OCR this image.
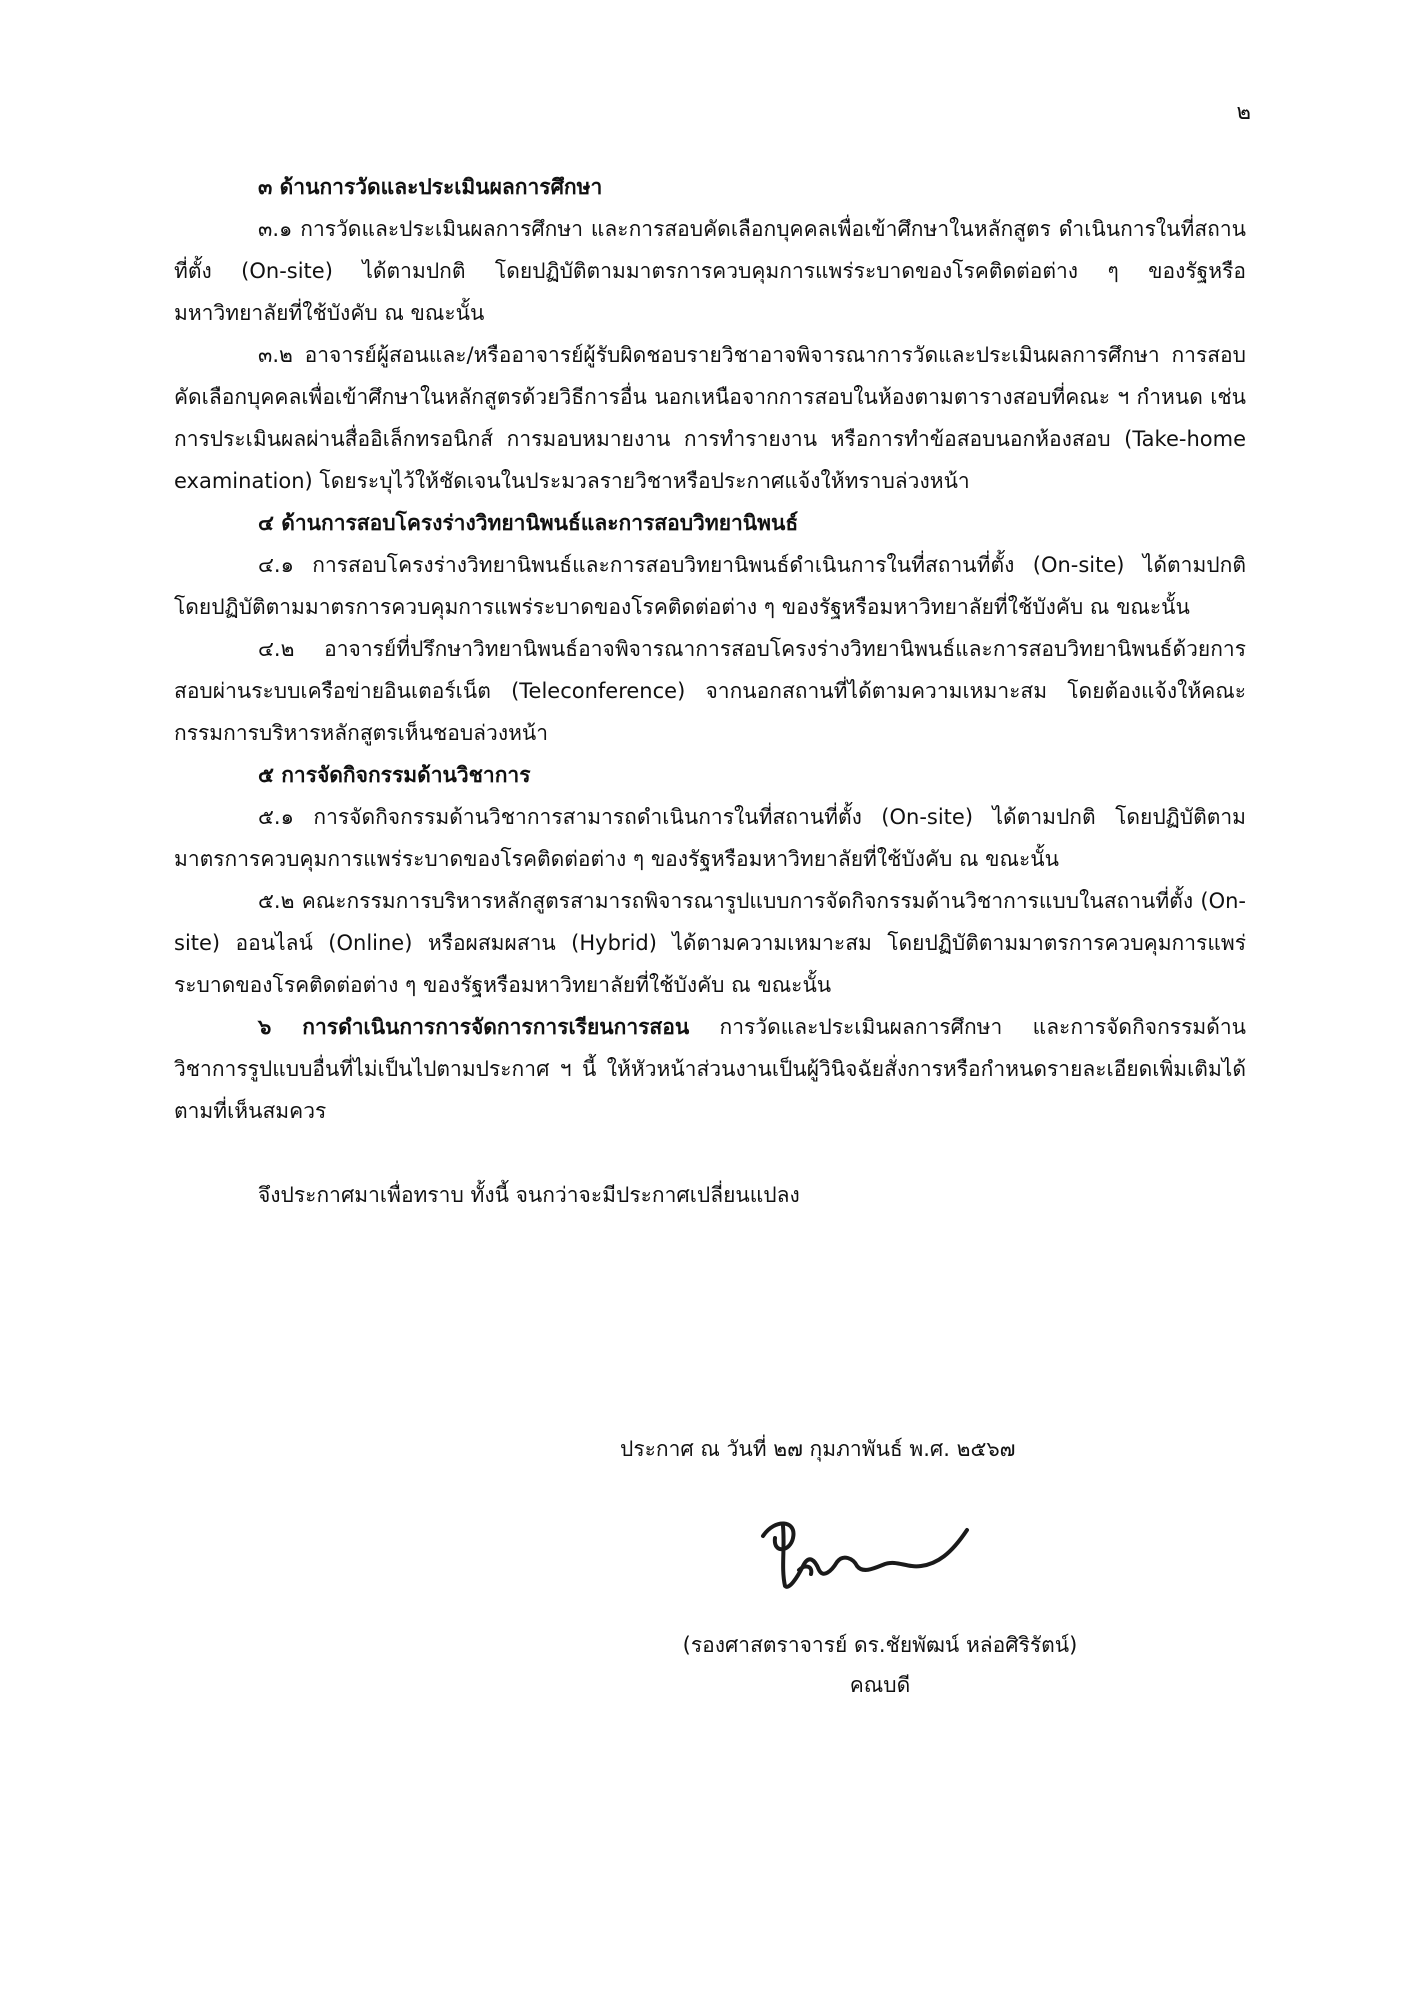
๒

๓ ด้านการวัดและประเมินผลการศึกษา

๓.๑ การวัดและประเมินผลการศึกษา และการสอบคัดเลือกบุคคลเพื่อเข้าศึกษาในหลักสูตร ดำเนินการในที่สถานที่ตั้ง (On-site) ได้ตามปกติ โดยปฏิบัติตามมาตรการควบคุมการแพร่ระบาดของโรคติดต่อต่าง ๆ ของรัฐหรือมหาวิทยาลัยที่ใช้บังคับ ณ ขณะนั้น

๓.๒ อาจารย์ผู้สอนและ/หรืออาจารย์ผู้รับผิดชอบรายวิชาอาจพิจารณาการวัดและประเมินผลการศึกษา การสอบคัดเลือกบุคคลเพื่อเข้าศึกษาในหลักสูตรด้วยวิธีการอื่น นอกเหนือจากการสอบในห้องตามตารางสอบที่คณะ ฯ กำหนด เช่น การประเมินผลผ่านสื่ออิเล็กทรอนิกส์ การมอบหมายงาน การทำรายงาน หรือการทำข้อสอบนอกห้องสอบ (Take-home examination) โดยระบุไว้ให้ชัดเจนในประมวลรายวิชาหรือประกาศแจ้งให้ทราบล่วงหน้า

๔ ด้านการสอบโครงร่างวิทยานิพนธ์และการสอบวิทยานิพนธ์

๔.๑ การสอบโครงร่างวิทยานิพนธ์และการสอบวิทยานิพนธ์ดำเนินการในที่สถานที่ตั้ง (On-site) ได้ตามปกติ โดยปฏิบัติตามมาตรการควบคุมการแพร่ระบาดของโรคติดต่อต่าง ๆ ของรัฐหรือมหาวิทยาลัยที่ใช้บังคับ ณ ขณะนั้น

๔.๒ อาจารย์ที่ปรึกษาวิทยานิพนธ์อาจพิจารณาการสอบโครงร่างวิทยานิพนธ์และการสอบวิทยานิพนธ์ด้วยการสอบผ่านระบบเครือข่ายอินเตอร์เน็ต (Teleconference) จากนอกสถานที่ได้ตามความเหมาะสม โดยต้องแจ้งให้คณะกรรมการบริหารหลักสูตรเห็นชอบล่วงหน้า

๕ การจัดกิจกรรมด้านวิชาการ

๕.๑ การจัดกิจกรรมด้านวิชาการสามารถดำเนินการในที่สถานที่ตั้ง (On-site) ได้ตามปกติ โดยปฏิบัติตามมาตรการควบคุมการแพร่ระบาดของโรคติดต่อต่าง ๆ ของรัฐหรือมหาวิทยาลัยที่ใช้บังคับ ณ ขณะนั้น

๕.๒ คณะกรรมการบริหารหลักสูตรสามารถพิจารณารูปแบบการจัดกิจกรรมด้านวิชาการแบบในสถานที่ตั้ง (On-site) ออนไลน์ (Online) หรือผสมผสาน (Hybrid) ได้ตามความเหมาะสม โดยปฏิบัติตามมาตรการควบคุมการแพร่ระบาดของโรคติดต่อต่าง ๆ ของรัฐหรือมหาวิทยาลัยที่ใช้บังคับ ณ ขณะนั้น

๖ การดำเนินการการจัดการการเรียนการสอน การวัดและประเมินผลการศึกษา และการจัดกิจกรรมด้านวิชาการรูปแบบอื่นที่ไม่เป็นไปตามประกาศ ฯ นี้ ให้หัวหน้าส่วนงานเป็นผู้วินิจฉัยสั่งการหรือกำหนดรายละเอียดเพิ่มเติมได้ตามที่เห็นสมควร

จึงประกาศมาเพื่อทราบ ทั้งนี้ จนกว่าจะมีประกาศเปลี่ยนแปลง

ประกาศ ณ วันที่ ๒๗ กุมภาพันธ์ พ.ศ. ๒๕๖๗
(รองศาสตราจารย์ ดร.ชัยพัฒน์ หล่อศิริรัตน์)
คณบดี
